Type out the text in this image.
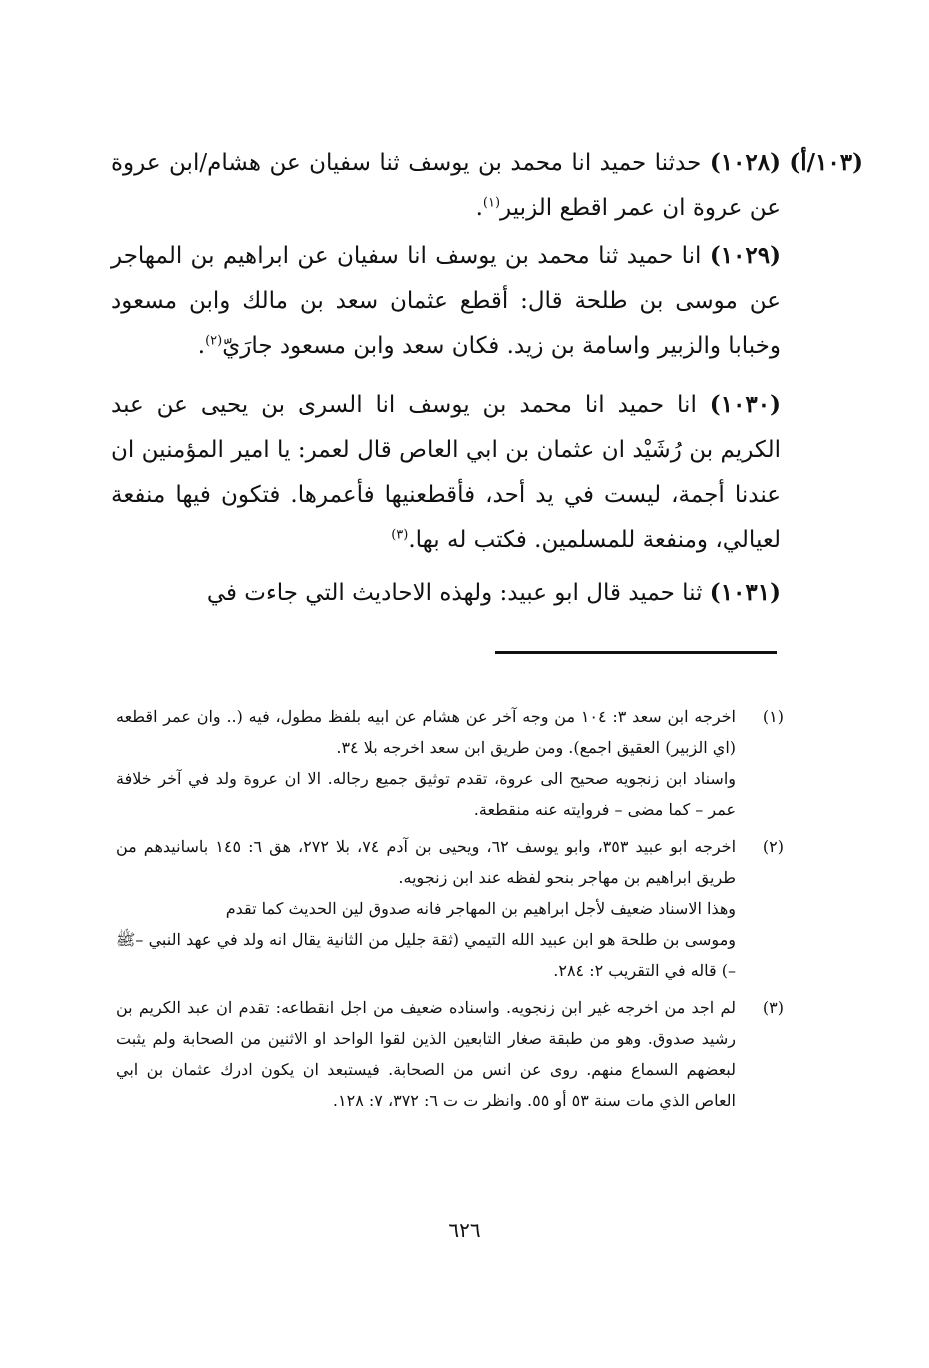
(١٠٣/أ)

(١٠٢٨) حدثنا حميد انا محمد بن يوسف ثنا سفيان عن هشام/ابن عروة عن عروة ان عمر اقطع الزبير$^{(١)}$.

(١٠٢٩) انا حميد ثنا محمد بن يوسف انا سفيان عن ابراهيم بن المهاجر عن موسى بن طلحة قال: أقطع عثمان سعد بن مالك وابن مسعود وخبابا والزبير واسامة بن زيد. فكان سعد وابن مسعود جارَيّ$^{(٢)}$.

(١٠٣٠) انا حميد انا محمد بن يوسف انا السرى بن يحيى عن عبد الكريم بن رُشَيْد ان عثمان بن ابي العاص قال لعمر: يا امير المؤمنين ان عندنا أجمة، ليست في يد أحد، فأقطعنيها فأعمرها. فتكون فيها منفعة لعيالي، ومنفعة للمسلمين. فكتب له بها.$^{(٣)}$

(١٠٣١) ثنا حميد قال ابو عبيد: ولهذه الاحاديث التي جاءت في

(١)

اخرجه ابن سعد ٣: ١٠٤ من وجه آخر عن هشام عن ابيه بلفظ مطول، فيه (.. وان عمر اقطعه (اي الزبير) العقيق اجمع). ومن طريق ابن سعد اخرجه بلا ٣٤.

واسناد ابن زنجويه صحيح الى عروة، تقدم توثيق جميع رجاله. الا ان عروة ولد في آخر خلافة عمر – كما مضى – فروايته عنه منقطعة.

(٢)

اخرجه ابو عبيد ٣٥٣، وابو يوسف ٦٢، ويحيى بن آدم ٧٤، بلا ٢٧٢، هق ٦: ١٤٥ باسانيدهم من طريق ابراهيم بن مهاجر بنحو لفظه عند ابن زنجويه.

وهذا الاسناد ضعيف لأجل ابراهيم بن المهاجر فانه صدوق لين الحديث كما تقدم

وموسى بن طلحة هو ابن عبيد الله التيمي (ثقة جليل من الثانية يقال انه ولد في عهد النبي –ﷺ –) قاله في التقريب ٢: ٢٨٤.

(٣)

لم اجد من اخرجه غير ابن زنجويه. واسناده ضعيف من اجل انقطاعه: تقدم ان عبد الكريم بن رشيد صدوق. وهو من طبقة صغار التابعين الذين لقوا الواحد او الاثنين من الصحابة ولم يثبت لبعضهم السماع منهم. روى عن انس من الصحابة. فيستبعد ان يكون ادرك عثمان بن ابي العاص الذي مات سنة ٥٣ أو ٥٥. وانظر ت ت ٦: ٣٧٢، ٧: ١٢٨.

٦٢٦
